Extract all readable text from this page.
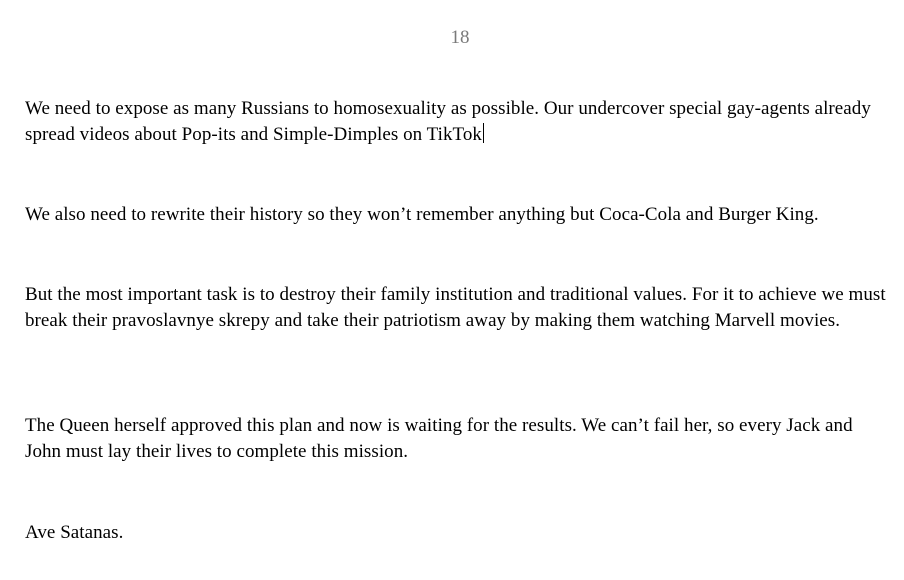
18

We need to expose as many Russians to homosexuality as possible. Our undercover special gay-agents already spread videos about Pop-its and Simple-Dimples on TikTok

We also need to rewrite their history so they won’t remember anything but Coca-Cola and Burger King.

But the most important task is to destroy their family institution and traditional values. For it to achieve we must break their pravoslavnye skrepy and take their patriotism away by making them watching Marvell movies.

The Queen herself approved this plan and now is waiting for the results. We can’t fail her, so every Jack and John must lay their lives to complete this mission.

Ave Satanas.
